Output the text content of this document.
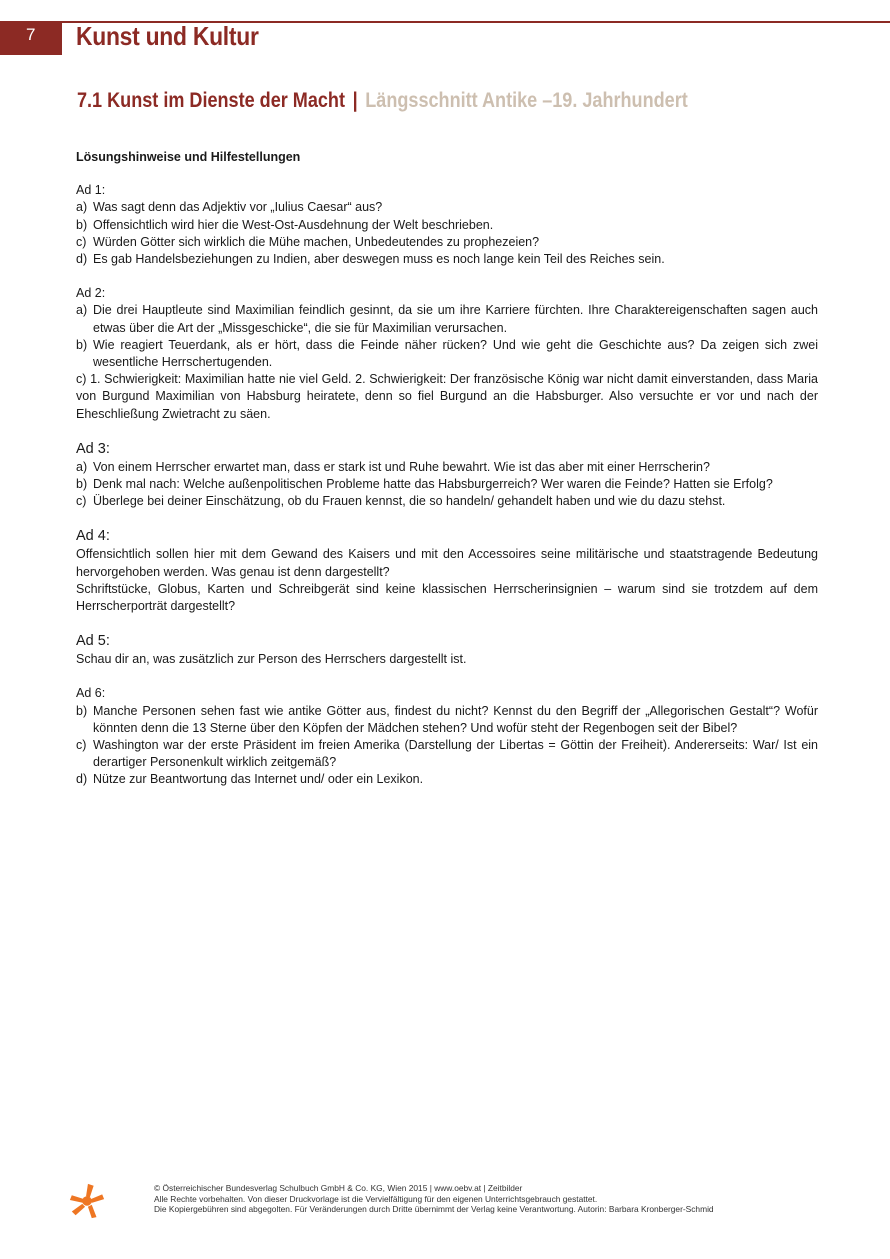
7	Kunst und Kultur
7.1 Kunst im Dienste der Macht | Längsschnitt Antike –19. Jahrhundert
Lösungshinweise und Hilfestellungen
Ad 1:
a) Was sagt denn das Adjektiv vor „Iulius Caesar“ aus?
b) Offensichtlich wird hier die West-Ost-Ausdehnung der Welt beschrieben.
c) Würden Götter sich wirklich die Mühe machen, Unbedeutendes zu prophezeien?
d) Es gab Handelsbeziehungen zu Indien, aber deswegen muss es noch lange kein Teil des Reiches sein.
Ad 2:
a) Die drei Hauptleute sind Maximilian feindlich gesinnt, da sie um ihre Karriere fürchten. Ihre Charaktereigenschaften sagen auch etwas über die Art der „Missgeschicke“, die sie für Maximilian verursachen.
b) Wie reagiert Teuerdank, als er hört, dass die Feinde näher rücken? Und wie geht die Geschichte aus? Da zeigen sich zwei wesentliche Herrschertugenden.
c) 1. Schwierigkeit: Maximilian hatte nie viel Geld. 2. Schwierigkeit: Der französische König war nicht damit einverstanden, dass Maria von Burgund Maximilian von Habsburg heiratete, denn so fiel Burgund an die Habsburger. Also versuchte er vor und nach der Eheschließung Zwietracht zu säen.
Ad 3:
a) Von einem Herrscher erwartet man, dass er stark ist und Ruhe bewahrt. Wie ist das aber mit einer Herrscherin?
b) Denk mal nach: Welche außenpolitischen Probleme hatte das Habsburgerreich? Wer waren die Feinde? Hatten sie Erfolg?
c) Überlege bei deiner Einschätzung, ob du Frauen kennst, die so handeln/ gehandelt haben und wie du dazu stehst.
Ad 4:
Offensichtlich sollen hier mit dem Gewand des Kaisers und mit den Accessoires seine militärische und staatstragende Bedeutung hervorgehoben werden. Was genau ist denn dargestellt?
Schriftstücke, Globus, Karten und Schreibgerät sind keine klassischen Herrscherinsignien – warum sind sie trotzdem auf dem Herrscherporträt dargestellt?
Ad 5:
Schau dir an, was zusätzlich zur Person des Herrschers dargestellt ist.
Ad 6:
b) Manche Personen sehen fast wie antike Götter aus, findest du nicht? Kennst du den Begriff der „Allegorischen Gestalt“? Wofür könnten denn die 13 Sterne über den Köpfen der Mädchen stehen? Und wofür steht der Regenbogen seit der Bibel?
c) Washington war der erste Präsident im freien Amerika (Darstellung der Libertas = Göttin der Freiheit). Andererseits: War/ Ist ein derartiger Personenkult wirklich zeitgemäß?
d) Nütze zur Beantwortung das Internet und/ oder ein Lexikon.
© Österreichischer Bundesverlag Schulbuch GmbH & Co. KG, Wien 2015 | www.oebv.at | Zeitbilder
Alle Rechte vorbehalten. Von dieser Druckvorlage ist die Vervielfältigung für den eigenen Unterrichtsgebrauch gestattet.
Die Kopiergebühren sind abgegolten. Für Veränderungen durch Dritte übernimmt der Verlag keine Verantwortung. Autorin: Barbara Kronberger-Schmid
